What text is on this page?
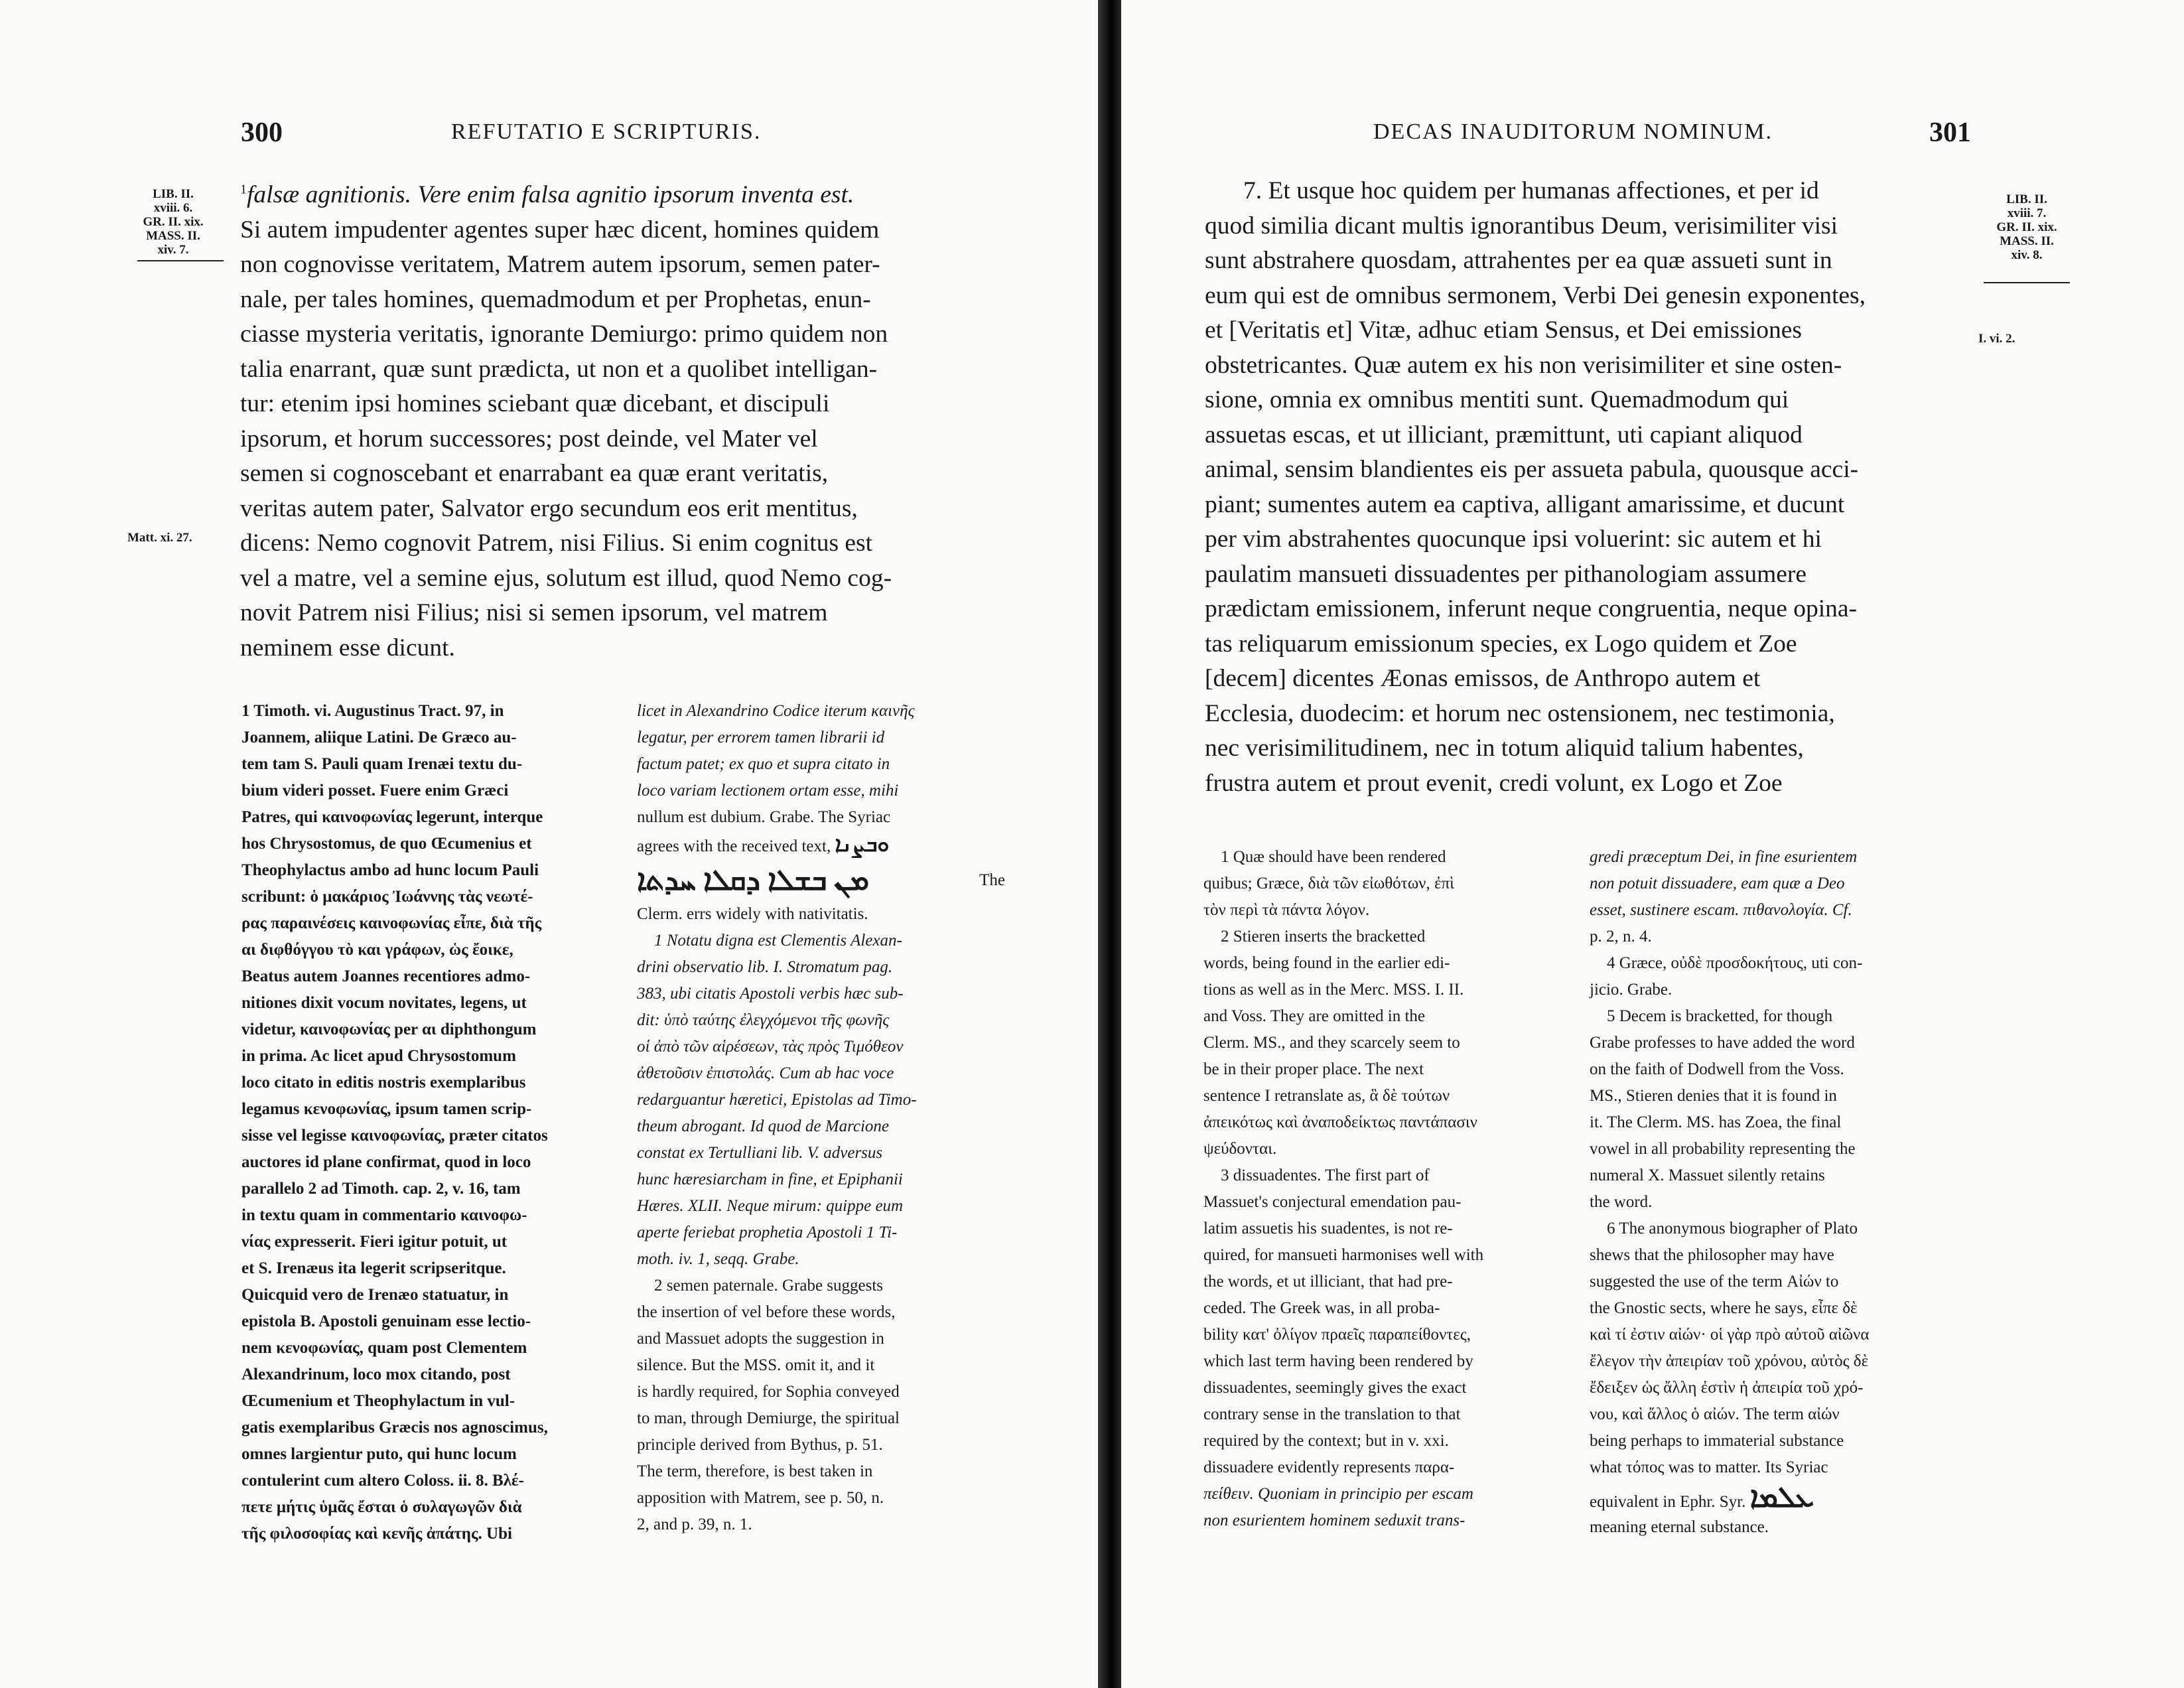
300	REFUTATIO E SCRIPTURIS.
LIB. II.
xviii. 6.
GR. II. xix.
MASS. II.
xiv. 7.
Matt. xi. 27.
$^1$falsæ agnitionis. Vere enim falsa agnitio ipsorum inventa est.
Si autem impudenter agentes super hæc dicent, homines quidem
non cognovisse veritatem, Matrem autem ipsorum, semen pater-
nale, per tales homines, quemadmodum et per Prophetas, enun-
ciasse mysteria veritatis, ignorante Demiurgo: primo quidem non
talia enarrant, quæ sunt prædicta, ut non et a quolibet intelligan-
tur: etenim ipsi homines sciebant quæ dicebant, et discipuli
ipsorum, et horum successores; post deinde, vel Mater vel
semen si cognoscebant et enarrabant ea quæ erant veritatis,
veritas autem pater, Salvator ergo secundum eos erit mentitus,
dicens: Nemo cognovit Patrem, nisi Filius. Si enim cognitus est
vel a matre, vel a semine ejus, solutum est illud, quod Nemo cog-
novit Patrem nisi Filius; nisi si semen ipsorum, vel matrem
neminem esse dicunt.

1 Timoth. vi. Augustinus Tract. 97, in

Joannem, aliique Latini. De Græco au-

tem tam S. Pauli quam Irenæi textu du-

bium videri posset. Fuere enim Græci

Patres, qui καινοφωνίας legerunt, interque

hos Chrysostomus, de quo Œcumenius et

Theophylactus ambo ad hunc locum Pauli

scribunt: ὁ μακάριος Ἰωάννης τὰς νεωτέ-

ρας παραινέσεις καινοφωνίας εἶπε, διὰ τῆς

αι διφθόγγου τὸ και γράφων, ὡς ἔοικε,

Beatus autem Joannes recentiores admo-

nitiones dixit vocum novitates, legens, ut

videtur, καινοφωνίας per αι diphthongum

in prima. Ac licet apud Chrysostomum

loco citato in editis nostris exemplaribus

legamus κενοφωνίας, ipsum tamen scrip-

sisse vel legisse καινοφωνίας, præter citatos

auctores id plane confirmat, quod in loco

parallelo 2 ad Timoth. cap. 2, v. 16, tam

in textu quam in commentario καινοφω-

νίας expresserit. Fieri igitur potuit, ut

et S. Irenæus ita legerit scripseritque.

Quicquid vero de Irenæo statuatur, in

epistola B. Apostoli genuinam esse lectio-

nem κενοφωνίας, quam post Clementem

Alexandrinum, loco mox citando, post

Œcumenium et Theophylactum in vul-

gatis exemplaribus Græcis nos agnoscimus,

omnes largientur puto, qui hunc locum

contulerint cum altero Coloss. ii. 8. Βλέ-

πετε μήτις ὑμᾶς ἔσται ὁ συλαγωγῶν διὰ

τῆς φιλοσοφίας καὶ κενῆς ἀπάτης. Ubi

licet in Alexandrino Codice iterum καινῆς

legatur, per errorem tamen librarii id

factum patet; ex quo et supra citato in

loco variam lectionem ortam esse, mihi

nullum est dubium. Grabe. The Syriac

agrees with the received text, ܘܒܨܢܐ

ܡܢ ܒܫܠܐ ܕܩܠܐ ܚܕܬܐ	The

Clerm. errs widely with nativitatis.

1 Notatu digna est Clementis Alexan-

drini observatio lib. I. Stromatum pag.

383, ubi citatis Apostoli verbis hæc sub-

dit: ὑπὸ ταύτης ἐλεγχόμενοι τῆς φωνῆς

οἱ ἀπὸ τῶν αἱρέσεων, τὰς πρὸς Τιμόθεον

ἀθετοῦσιν ἐπιστολάς. Cum ab hac voce

redarguantur hæretici, Epistolas ad Timo-

theum abrogant. Id quod de Marcione

constat ex Tertulliani lib. V. adversus

hunc hæresiarcham in fine, et Epiphanii

Hæres. XLII. Neque mirum: quippe eum

aperte feriebat prophetia Apostoli 1 Ti-

moth. iv. 1, seqq. Grabe.

2 semen paternale. Grabe suggests

the insertion of vel before these words,

and Massuet adopts the suggestion in

silence. But the MSS. omit it, and it

is hardly required, for Sophia conveyed

to man, through Demiurge, the spiritual

principle derived from Bythus, p. 51.

The term, therefore, is best taken in

apposition with Matrem, see p. 50, n.

2, and p. 39, n. 1.

DECAS INAUDITORUM NOMINUM.	301
7. Et usque hoc quidem per humanas affectiones, et per id
quod similia dicant multis ignorantibus Deum, verisimiliter visi
sunt abstrahere quosdam, attrahentes per ea quæ assueti sunt in
eum qui est de omnibus sermonem, Verbi Dei genesin exponentes,
et [Veritatis et] Vitæ, adhuc etiam Sensus, et Dei emissiones
obstetricantes. Quæ autem ex his non verisimiliter et sine osten-
sione, omnia ex omnibus mentiti sunt. Quemadmodum qui
assuetas escas, et ut illiciant, præmittunt, uti capiant aliquod
animal, sensim blandientes eis per assueta pabula, quousque acci-
piant; sumentes autem ea captiva, alligant amarissime, et ducunt
per vim abstrahentes quocunque ipsi voluerint: sic autem et hi
paulatim mansueti dissuadentes per pithanologiam assumere
prædictam emissionem, inferunt neque congruentia, neque opina-
tas reliquarum emissionum species, ex Logo quidem et Zoe
[decem] dicentes Æonas emissos, de Anthropo autem et
Ecclesia, duodecim: et horum nec ostensionem, nec testimonia,
nec verisimilitudinem, nec in totum aliquid talium habentes,
frustra autem et prout evenit, credi volunt, ex Logo et Zoe
LIB. II.
xviii. 7.
GR. II. xix.
MASS. II.
xiv. 8.
I. vi. 2.

1 Quæ should have been rendered

quibus; Græce, διὰ τῶν εἰωθότων, ἐπὶ

τὸν περὶ τὰ πάντα λόγον.

2 Stieren inserts the bracketted

words, being found in the earlier edi-

tions as well as in the Merc. MSS. I. II.

and Voss. They are omitted in the

Clerm. MS., and they scarcely seem to

be in their proper place. The next

sentence I retranslate as, ἃ δὲ τούτων

ἀπεικότως καὶ ἀναποδείκτως παντάπασιν

ψεύδονται.

3 dissuadentes. The first part of

Massuet's conjectural emendation pau-

latim assuetis his suadentes, is not re-

quired, for mansueti harmonises well with

the words, et ut illiciant, that had pre-

ceded. The Greek was, in all proba-

bility κατ' ὀλίγον πραεῖς παραπείθοντες,

which last term having been rendered by

dissuadentes, seemingly gives the exact

contrary sense in the translation to that

required by the context; but in v. xxi.

dissuadere evidently represents παρα-

πείθειν. Quoniam in principio per escam

non esurientem hominem seduxit trans-

gredi præceptum Dei, in fine esurientem

non potuit dissuadere, eam quæ a Deo

esset, sustinere escam. πιθανολογία. Cf.

p. 2, n. 4.

4 Græce, οὐδὲ προσδοκήτους, uti con-

jicio. Grabe.

5 Decem is bracketted, for though

Grabe professes to have added the word

on the faith of Dodwell from the Voss.

MS., Stieren denies that it is found in

it. The Clerm. MS. has Zoea, the final

vowel in all probability representing the

numeral X. Massuet silently retains

the word.

6 The anonymous biographer of Plato

shews that the philosopher may have

suggested the use of the term Αἰών to

the Gnostic sects, where he says, εἶπε δὲ

καὶ τί ἐστιν αἰών· οἱ γὰρ πρὸ αὐτοῦ αἰῶνα

ἔλεγον τὴν ἀπειρίαν τοῦ χρόνου, αὐτὸς δὲ

ἔδειξεν ὡς ἄλλη ἐστὶν ἡ ἀπειρία τοῦ χρό-

νου, καὶ ἄλλος ὁ αἰών. The term αἰών

being perhaps to immaterial substance

what τόπος was to matter. Its Syriac

equivalent in Ephr. Syr. ܥܠܡܐ

meaning eternal substance.
